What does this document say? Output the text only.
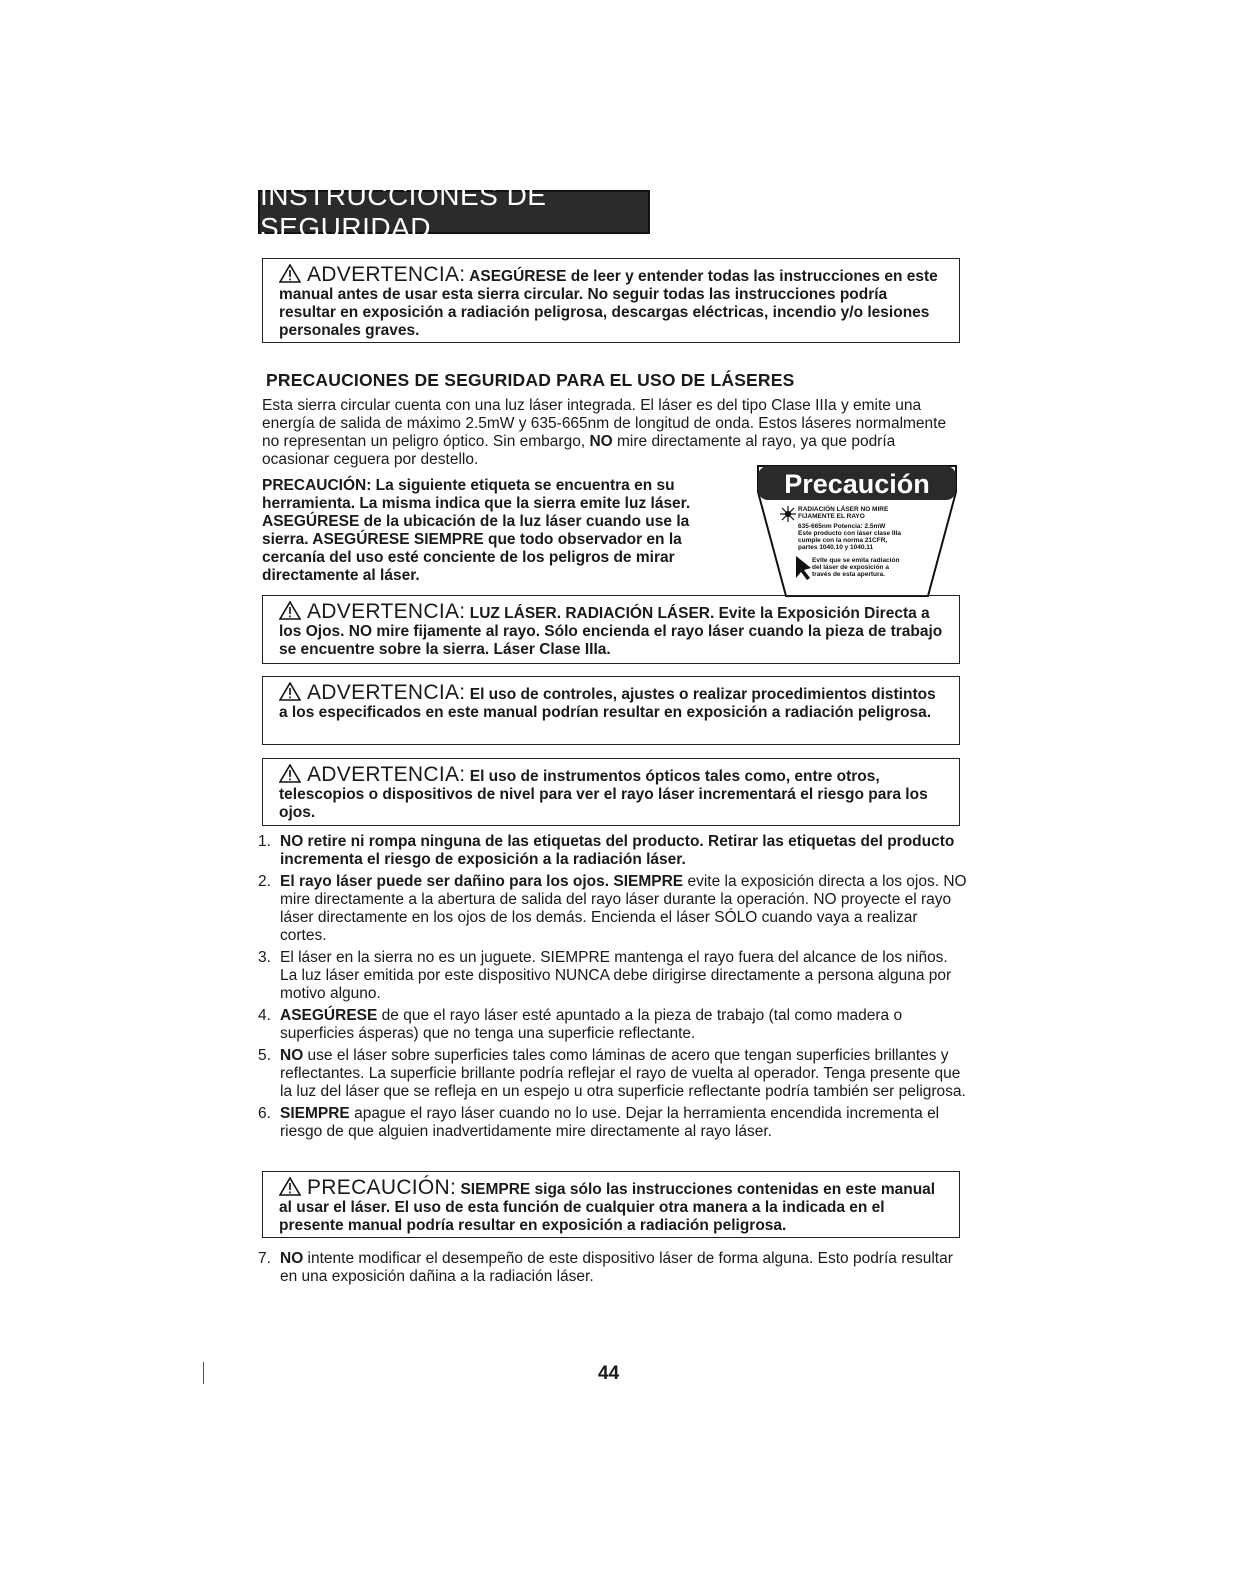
INSTRUCCIONES DE SEGURIDAD
ADVERTENCIA: ASEGÚRESE de leer y entender todas las instrucciones en este manual antes de usar esta sierra circular. No seguir todas las instrucciones podría resultar en exposición a radiación peligrosa, descargas eléctricas, incendio y/o lesiones personales graves.
PRECAUCIONES DE SEGURIDAD PARA EL USO DE LÁSERES
Esta sierra circular cuenta con una luz láser integrada. El láser es del tipo Clase IIIa y emite una energía de salida de máximo 2.5mW y 635-665nm de longitud de onda. Estos láseres normalmente no representan un peligro óptico. Sin embargo, NO mire directamente al rayo, ya que podría ocasionar ceguera por destello.
PRECAUCIÓN: La siguiente etiqueta se encuentra en su herramienta. La misma indica que la sierra emite luz láser. ASEGÚRESE de la ubicación de la luz láser cuando use la sierra. ASEGÚRESE SIEMPRE que todo observador en la cercanía del uso esté conciente de los peligros de mirar directamente al láser.
Precaución
RADIACIÓN LÁSER NO MIRE
FIJAMENTE EL RAYO
635-665nm Potencia: 2.5mW
Este producto con láser clase IIIa
cumple con la norma 21CFR,
partes 1040.10 y 1040.11
Evite que se emita radiación
del láser de exposición a
través de esta apertura.
ADVERTENCIA: LUZ LÁSER. RADIACIÓN LÁSER. Evite la Exposición Directa a los Ojos. NO mire fijamente al rayo. Sólo encienda el rayo láser cuando la pieza de trabajo se encuentre sobre la sierra. Láser Clase IIIa.
ADVERTENCIA: El uso de controles, ajustes o realizar procedimientos distintos a los especificados en este manual podrían resultar en exposición a radiación peligrosa.
ADVERTENCIA: El uso de instrumentos ópticos tales como, entre otros, telescopios o dispositivos de nivel para ver el rayo láser incrementará el riesgo para los ojos.
1. NO retire ni rompa ninguna de las etiquetas del producto. Retirar las etiquetas del producto incrementa el riesgo de exposición a la radiación láser.
2. El rayo láser puede ser dañino para los ojos. SIEMPRE evite la exposición directa a los ojos. NO mire directamente a la abertura de salida del rayo láser durante la operación. NO proyecte el rayo láser directamente en los ojos de los demás. Encienda el láser SÓLO cuando vaya a realizar cortes.
3. El láser en la sierra no es un juguete. SIEMPRE mantenga el rayo fuera del alcance de los niños. La luz láser emitida por este dispositivo NUNCA debe dirigirse directamente a persona alguna por motivo alguno.
4. ASEGÚRESE de que el rayo láser esté apuntado a la pieza de trabajo (tal como madera o superficies ásperas) que no tenga una superficie reflectante.
5. NO use el láser sobre superficies tales como láminas de acero que tengan superficies brillantes y reflectantes. La superficie brillante podría reflejar el rayo de vuelta al operador. Tenga presente que la luz del láser que se refleja en un espejo u otra superficie reflectante podría también ser peligrosa.
6. SIEMPRE apague el rayo láser cuando no lo use. Dejar la herramienta encendida incrementa el riesgo de que alguien inadvertidamente mire directamente al rayo láser.
PRECAUCIÓN: SIEMPRE siga sólo las instrucciones contenidas en este manual al usar el láser. El uso de esta función de cualquier otra manera a la indicada en el presente manual podría resultar en exposición a radiación peligrosa.
7. NO intente modificar el desempeño de este dispositivo láser de forma alguna. Esto podría resultar en una exposición dañina a la radiación láser.
44
